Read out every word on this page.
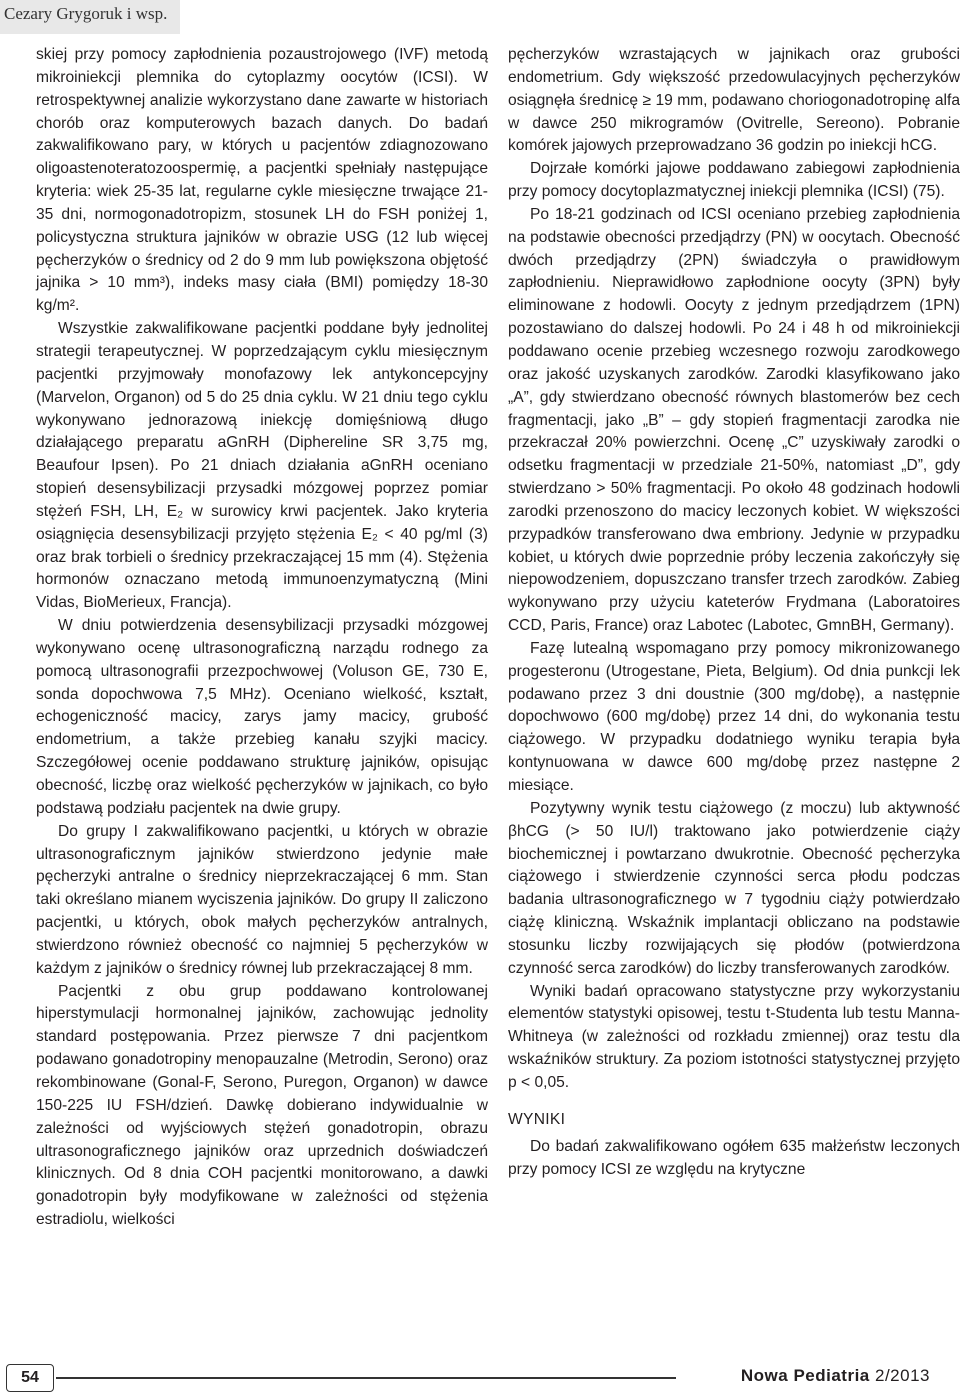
Cezary Grygoruk i wsp.

skiej przy pomocy zapłodnienia pozaustrojowego (IVF) metodą mikroiniekcji plemnika do cytoplazmy oocytów (ICSI). W retrospektywnej analizie wykorzystano dane zawarte w historiach chorób oraz komputerowych bazach danych. Do badań zakwalifikowano pary, w których u pacjentów zdiagnozowano oligoastenoteratozoospermię, a pacjentki spełniały następujące kryteria: wiek 25-35 lat, regularne cykle miesięczne trwające 21-35 dni, normogonadotropizm, stosunek LH do FSH poniżej 1, policystyczna struktura jajników w obrazie USG (12 lub więcej pęcherzyków o średnicy od 2 do 9 mm lub powiększona objętość jajnika > 10 mm³), indeks masy ciała (BMI) pomiędzy 18-30 kg/m².

Wszystkie zakwalifikowane pacjentki poddane były jednolitej strategii terapeutycznej. W poprzedzającym cyklu miesięcznym pacjentki przyjmowały monofazowy lek antykoncepcyjny (Marvelon, Organon) od 5 do 25 dnia cyklu. W 21 dniu tego cyklu wykonywano jednorazową iniekcję domięśniową długo działającego preparatu aGnRH (Diphereline SR 3,75 mg, Beaufour Ipsen). Po 21 dniach działania aGnRH oceniano stopień desensybilizacji przysadki mózgowej poprzez pomiar stężeń FSH, LH, E₂ w surowicy krwi pacjentek. Jako kryteria osiągnięcia desensybilizacji przyjęto stężenia E₂ < 40 pg/ml (3) oraz brak torbieli o średnicy przekraczającej 15 mm (4). Stężenia hormonów oznaczano metodą immunoenzymatyczną (Mini Vidas, BioMerieux, Francja).

W dniu potwierdzenia desensybilizacji przysadki mózgowej wykonywano ocenę ultrasonograficzną narządu rodnego za pomocą ultrasonografii przezpochwowej (Voluson GE, 730 E, sonda dopochwowa 7,5 MHz). Oceniano wielkość, kształt, echogeniczność macicy, zarys jamy macicy, grubość endometrium, a także przebieg kanału szyjki macicy. Szczegółowej ocenie poddawano strukturę jajników, opisując obecność, liczbę oraz wielkość pęcherzyków w jajnikach, co było podstawą podziału pacjentek na dwie grupy.

Do grupy I zakwalifikowano pacjentki, u których w obrazie ultrasonograficznym jajników stwierdzono jedynie małe pęcherzyki antralne o średnicy nieprzekraczającej 6 mm. Stan taki określano mianem wyciszenia jajników. Do grupy II zaliczono pacjentki, u których, obok małych pęcherzyków antralnych, stwierdzono również obecność co najmniej 5 pęcherzyków w każdym z jajników o średnicy równej lub przekraczającej 8 mm.

Pacjentki z obu grup poddawano kontrolowanej hiperstymulacji hormonalnej jajników, zachowując jednolity standard postępowania. Przez pierwsze 7 dni pacjentkom podawano gonadotropiny menopauzalne (Metrodin, Serono) oraz rekombinowane (Gonal-F, Serono, Puregon, Organon) w dawce 150-225 IU FSH/dzień. Dawkę dobierano indywidualnie w zależności od wyjściowych stężeń gonadotropin, obrazu ultrasonograficznego jajników oraz uprzednich doświadczeń klinicznych. Od 8 dnia COH pacjentki monitorowano, a dawki gonadotropin były modyfikowane w zależności od stężenia estradiolu, wielkości

pęcherzyków wzrastających w jajnikach oraz grubości endometrium. Gdy większość przedowulacyjnych pęcherzyków osiągnęła średnicę ≥ 19 mm, podawano choriogonadotropinę alfa w dawce 250 mikrogramów (Ovitrelle, Sereono). Pobranie komórek jajowych przeprowadzano 36 godzin po iniekcji hCG.

Dojrzałe komórki jajowe poddawano zabiegowi zapłodnienia przy pomocy docytoplazmatycznej iniekcji plemnika (ICSI) (75).

Po 18-21 godzinach od ICSI oceniano przebieg zapłodnienia na podstawie obecności przedjądrzy (PN) w oocytach. Obecność dwóch przedjądrzy (2PN) świadczyła o prawidłowym zapłodnieniu. Nieprawidłowo zapłodnione oocyty (3PN) były eliminowane z hodowli. Oocyty z jednym przedjądrzem (1PN) pozostawiano do dalszej hodowli. Po 24 i 48 h od mikroiniekcji poddawano ocenie przebieg wczesnego rozwoju zarodkowego oraz jakość uzyskanych zarodków. Zarodki klasyfikowano jako „A”, gdy stwierdzano obecność równych blastomerów bez cech fragmentacji, jako „B” – gdy stopień fragmentacji zarodka nie przekraczał 20% powierzchni. Ocenę „C” uzyskiwały zarodki o odsetku fragmentacji w przedziale 21-50%, natomiast „D”, gdy stwierdzano > 50% fragmentacji. Po około 48 godzinach hodowli zarodki przenoszono do macicy leczonych kobiet. W większości przypadków transferowano dwa embriony. Jedynie w przypadku kobiet, u których dwie poprzednie próby leczenia zakończyły się niepowodzeniem, dopuszczano transfer trzech zarodków. Zabieg wykonywano przy użyciu kateterów Frydmana (Laboratoires CCD, Paris, France) oraz Labotec (Labotec, GmnBH, Germany).

Fazę lutealną wspomagano przy pomocy mikronizowanego progesteronu (Utrogestane, Pieta, Belgium). Od dnia punkcji lek podawano przez 3 dni doustnie (300 mg/dobę), a następnie dopochwowo (600 mg/dobę) przez 14 dni, do wykonania testu ciążowego. W przypadku dodatniego wyniku terapia była kontynuowana w dawce 600 mg/dobę przez następne 2 miesiące.

Pozytywny wynik testu ciążowego (z moczu) lub aktywność βhCG (> 50 IU/l) traktowano jako potwierdzenie ciąży biochemicznej i powtarzano dwukrotnie. Obecność pęcherzyka ciążowego i stwierdzenie czynności serca płodu podczas badania ultrasonograficznego w 7 tygodniu ciąży potwierdzało ciążę kliniczną. Wskaźnik implantacji obliczano na podstawie stosunku liczby rozwijających się płodów (potwierdzona czynność serca zarodków) do liczby transferowanych zarodków.

Wyniki badań opracowano statystyczne przy wykorzystaniu elementów statystyki opisowej, testu t-Studenta lub testu Manna-Whitneya (w zależności od rozkładu zmiennej) oraz testu dla wskaźników struktury. Za poziom istotności statystycznej przyjęto p < 0,05.

WYNIKI

Do badań zakwalifikowano ogółem 635 małżeństw leczonych przy pomocy ICSI ze względu na krytyczne

54	Nowa Pediatria 2/2013
